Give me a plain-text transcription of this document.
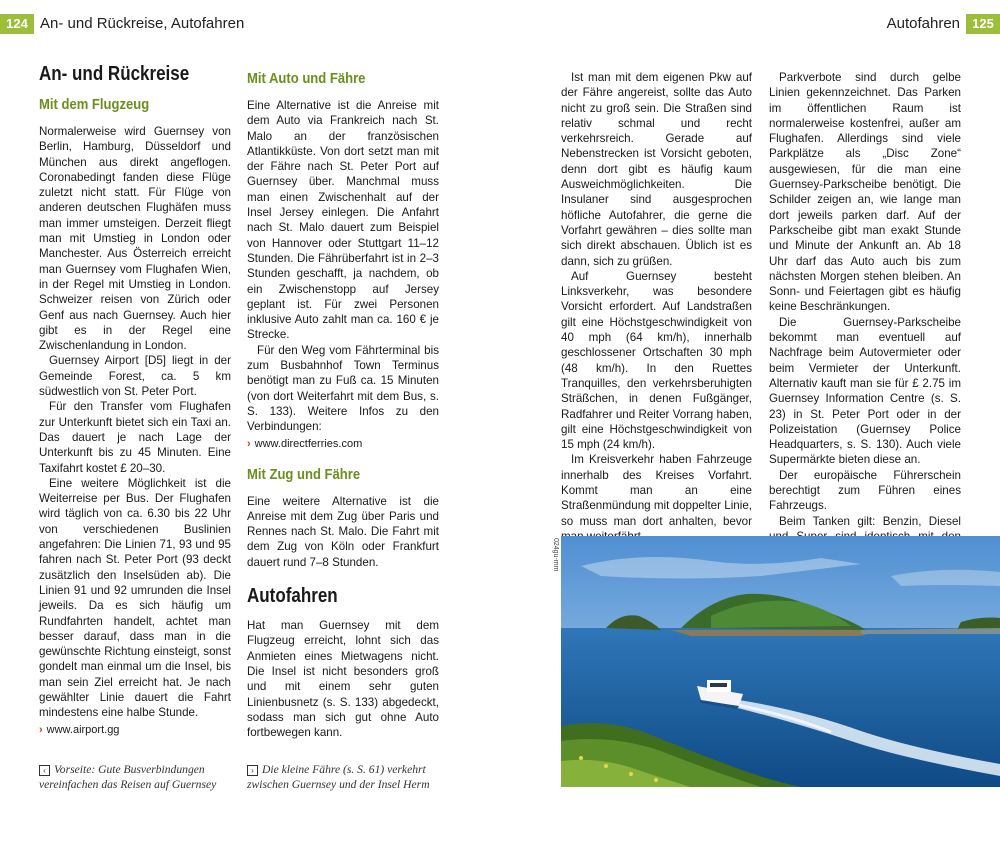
124 An- und Rückreise, Autofahren	Autofahren 125
An- und Rückreise
Mit dem Flugzeug

Normalerweise wird Guernsey von Berlin, Hamburg, Düsseldorf und München aus direkt angeflogen. Coronabedingt fanden diese Flüge zuletzt nicht statt. Für Flüge von anderen deutschen Flughäfen muss man immer umsteigen. Derzeit fliegt man mit Umstieg in London oder Manchester. Aus Österreich erreicht man Guernsey vom Flughafen Wien, in der Regel mit Umstieg in London. Schweizer reisen von Zürich oder Genf aus nach Guernsey. Auch hier gibt es in der Regel eine Zwischenlandung in London.

Guernsey Airport [D5] liegt in der Gemeinde Forest, ca. 5 km südwestlich von St. Peter Port.

Für den Transfer vom Flughafen zur Unterkunft bietet sich ein Taxi an. Das dauert je nach Lage der Unterkunft bis zu 45 Minuten. Eine Taxifahrt kostet £ 20–30.

Eine weitere Möglichkeit ist die Weiterreise per Bus. Der Flughafen wird täglich von ca. 6.30 bis 22 Uhr von verschiedenen Buslinien angefahren: Die Linien 71, 93 und 95 fahren nach St. Peter Port (93 deckt zusätzlich den Inselsüden ab). Die Linien 91 und 92 umrunden die Insel jeweils. Da es sich häufig um Rundfahrten handelt, achtet man besser darauf, dass man in die gewünschte Richtung einsteigt, sonst gondelt man einmal um die Insel, bis man sein Ziel erreicht hat. Je nach gewählter Linie dauert die Fahrt mindestens eine halbe Stunde.

› www.airport.gg
‹ Vorseite: Gute Busverbindungen vereinfachen das Reisen auf Guernsey
Mit Auto und Fähre

Eine Alternative ist die Anreise mit dem Auto via Frankreich nach St. Malo an der französischen Atlantikküste. Von dort setzt man mit der Fähre nach St. Peter Port auf Guernsey über. Manchmal muss man einen Zwischenhalt auf der Insel Jersey einlegen. Die Anfahrt nach St. Malo dauert zum Beispiel von Hannover oder Stuttgart 11–12 Stunden. Die Fährüberfahrt ist in 2–3 Stunden geschafft, ja nachdem, ob ein Zwischenstopp auf Jersey geplant ist. Für zwei Personen inklusive Auto zahlt man ca. 160 € je Strecke.

Für den Weg vom Fährterminal bis zum Busbahnhof Town Terminus benötigt man zu Fuß ca. 15 Minuten (von dort Weiterfahrt mit dem Bus, s. S. 133). Weitere Infos zu den Verbindungen:

› www.directferries.com
Mit Zug und Fähre

Eine weitere Alternative ist die Anreise mit dem Zug über Paris und Rennes nach St. Malo. Die Fahrt mit dem Zug von Köln oder Frankfurt dauert rund 7–8 Stunden.

Autofahren

Hat man Guernsey mit dem Flugzeug erreicht, lohnt sich das Anmieten eines Mietwagens nicht. Die Insel ist nicht besonders groß und mit einem sehr guten Linienbusnetz (s. S. 133) abgedeckt, sodass man sich gut ohne Auto fortbewegen kann.

› Die kleine Fähre (s. S. 61) verkehrt zwischen Guernsey und der Insel Herm

Ist man mit dem eigenen Pkw auf der Fähre angereist, sollte das Auto nicht zu groß sein. Die Straßen sind relativ schmal und recht verkehrsreich. Gerade auf Nebenstrecken ist Vorsicht geboten, denn dort gibt es häufig kaum Ausweichmöglichkeiten. Die Insulaner sind ausgesprochen höfliche Autofahrer, die gerne die Vorfahrt gewähren – dies sollte man sich direkt abschauen. Üblich ist es dann, sich zu grüßen.

Auf Guernsey besteht Linksverkehr, was besondere Vorsicht erfordert. Auf Landstraßen gilt eine Höchstgeschwindigkeit von 40 mph (64 km/h), innerhalb geschlossener Ortschaften 30 mph (48 km/h). In den Ruettes Tranquilles, den verkehrsberuhigten Sträßchen, in denen Fußgänger, Radfahrer und Reiter Vorrang haben, gilt eine Höchstgeschwindigkeit von 15 mph (24 km/h).

Im Kreisverkehr haben Fahrzeuge innerhalb des Kreises Vorfahrt. Kommt man an eine Straßenmündung mit doppelter Linie, so muss man dort anhalten, bevor

Parkverbote sind durch gelbe Linien gekennzeichnet. Das Parken im öffentlichen Raum ist normalerweise kostenfrei, außer am Flughafen. Allerdings sind viele Parkplätze als „Disc Zone“ ausgewiesen, für die man eine Guernsey-Parkscheibe benötigt. Die Schilder zeigen an, wie lange man dort jeweils parken darf. Auf der Parkscheibe gibt man exakt Stunde und Minute der Ankunft an. Ab 18 Uhr darf das Auto auch bis zum nächsten Morgen stehen bleiben. An Sonn- und Feiertagen gibt es häufig keine Beschränkungen.

Die Guernsey-Parkscheibe bekommt man eventuell auf Nachfrage beim Autovermieter oder beim Vermieter der Unterkunft. Alternativ kauft man sie für £ 2.75 im Guernsey Information Centre (s. S. 23) in St. Peter Port oder in der Polizeistation (Guernsey Police Headquarters, s. S. 130). Auch viele Supermärkte bieten diese an.

Der europäische Führerschein berechtigt zum Führen eines Fahrzeugs.

Beim Tanken gilt: Benzin, Diesel

024gu-mm
